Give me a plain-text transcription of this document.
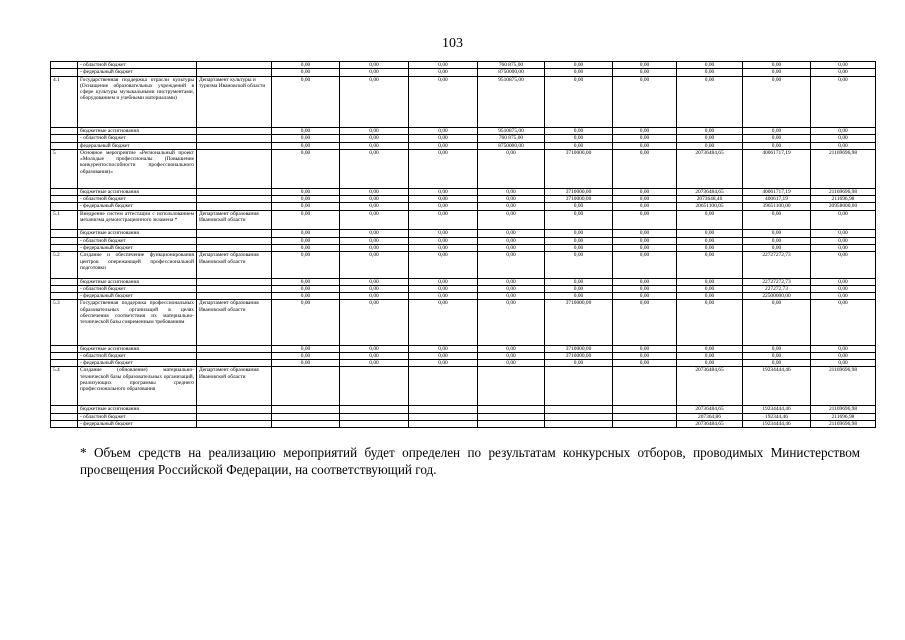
103
	- областной бюджет		0,00	0,00	0,00	760 875,00	0,00	0,00	0,00	0,00	0,00
	- федеральный бюджет		0,00	0,00	0,00	8750000,00	0,00	0,00	0,00	0,00	0,00
4.1	Государственная поддержка отрасли культуры (Оснащение образовательных учреждений в сфере культуры музыкальными инструментами, оборудованием и учебными материалами)	Департамент культуры и туризма Ивановской области	0,00	0,00	0,00	9510875,00	0,00	0,00	0,00	0,00	0,00
	бюджетные ассигнования		0,00	0,00	0,00	9510875,00	0,00	0,00	0,00	0,00	0,00
	- областной бюджет		0,00	0,00	0,00	760 875,00	0,00	0,00	0,00	0,00	0,00
	федеральный бюджет		0,00	0,00	0,00	8750000,00	0,00	0,00	0,00	0,00	0,00
5	Основное мероприятие «Региональный проект «Молодые профессионалы (Повышение конкурентоспособности профессионального образования)»		0,00	0,00	0,00	0,00	3710000,00	0,00	20736484,65	40061717,19	21169696,98
	бюджетные ассигнования		0,00	0,00	0,00	0,00	3710000,00	0,00	20736484,65	40061717,19	21169696,98
	- областной бюджет		0,00	0,00	0,00	0,00	3710000,00	0,00	2073648,46	400617,19	211696,98
	- федеральный бюджет		0,00	0,00	0,00	0,00	0,00	0,00	20651100,05	39651100,00	20958000,00
5.1	Внедрение систем аттестации с использованием механизма демонстрационного экзамена *	Департамент образования Ивановской области	0,00	0,00	0,00	0,00	0,00	0,00	0,00	0,00	0,00
	бюджетные ассигнования		0,00	0,00	0,00	0,00	0,00	0,00	0,00	0,00	0,00
	- областной бюджет		0,00	0,00	0,00	0,00	0,00	0,00	0,00	0,00	0,00
	- федеральный бюджет		0,00	0,00	0,00	0,00	0,00	0,00	0,00	0,00	0,00
5.2	Создание и обеспечение функционирования центров опережающей профессиональной подготовки	Департамент образования Ивановской области	0,00	0,00	0,00	0,00	0,00	0,00	0,00	22727272,73	0,00
	бюджетные ассигнования		0,00	0,00	0,00	0,00	0,00	0,00	0,00	22727272,73	0,00
	- областной бюджет		0,00	0,00	0,00	0,00	0,00	0,00	0,00	227272,73	0,00
	- федеральный бюджет		0,00	0,00	0,00	0,00	0,00	0,00	0,00	22500000,00	0,00
5.3	Государственная поддержка профессиональных образовательных организаций в целях обеспечения соответствия их материально-технической базы современным требованиям	Департамент образования Ивановской области	0,00	0,00	0,00	0,00	3710000,00	0,00	0,00	0,00	0,00
	бюджетные ассигнования		0,00	0,00	0,00	0,00	3710000,00	0,00	0,00	0,00	0,00
	- областной бюджет		0,00	0,00	0,00	0,00	3710000,00	0,00	0,00	0,00	0,00
	- федеральный бюджет		0,00	0,00	0,00	0,00	0,00	0,00	0,00	0,00	0,00
5.4	Создание (обновление) материально-технической базы образовательных организаций, реализующих программы среднего профессионального образования	Департамент образования Ивановской области							20736484,65	19234444,46	21169696,98
	бюджетные ассигнования								20736484,65	19234444,46	21169696,98
	- областной бюджет								207364,86	192344,46	211696,98
	- федеральный бюджет								20736484,65	19234444,46	21169696,98
* Объем средств на реализацию мероприятий будет определен по результатам конкурсных отборов, проводимых Министерством просвещения Российской Федерации, на соответствующий год.
